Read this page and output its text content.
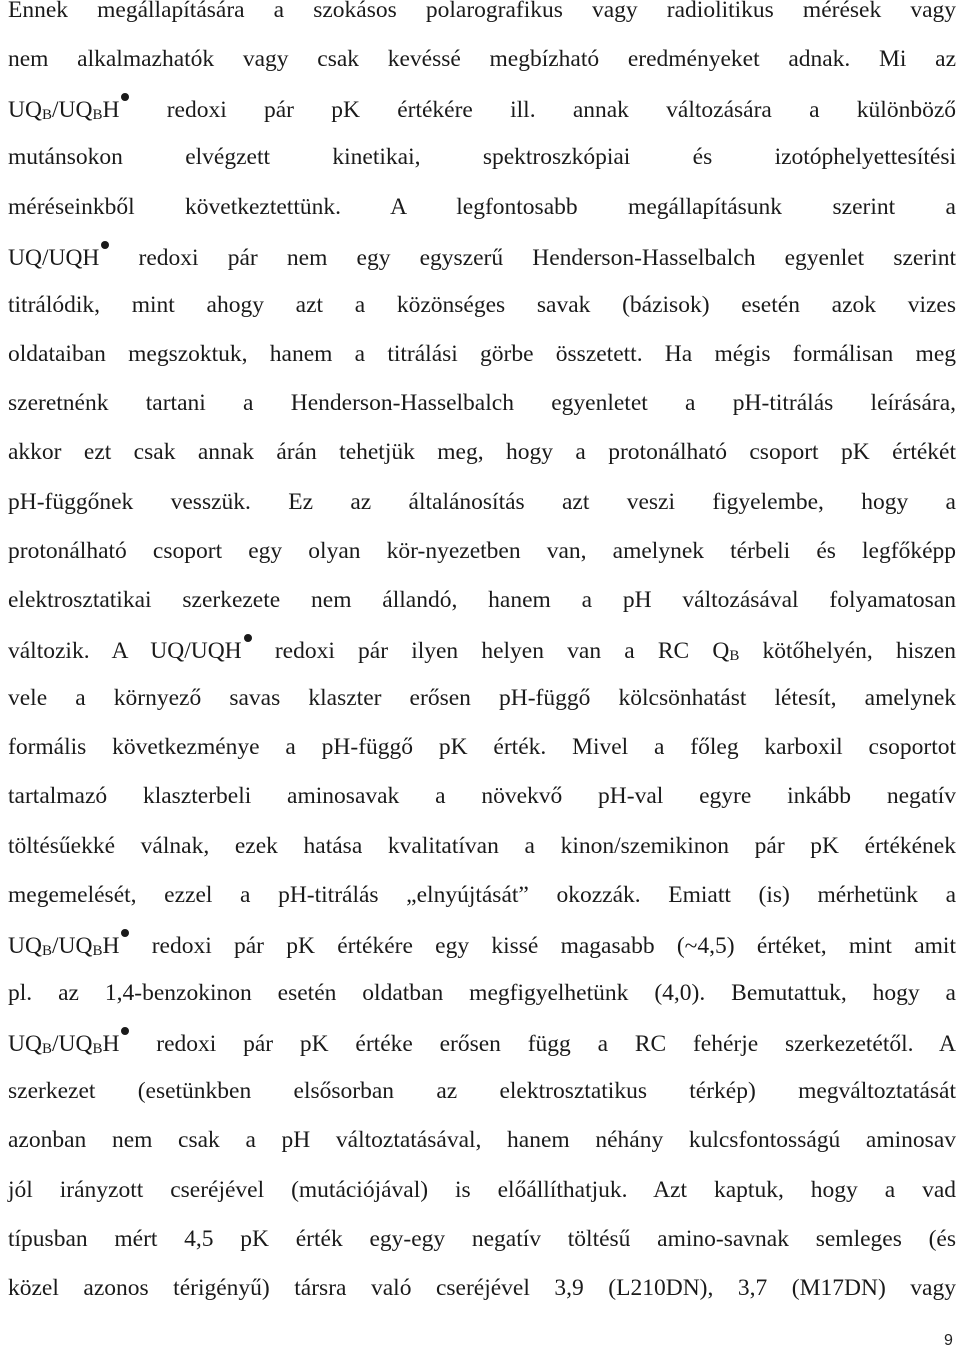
Ennek megállapítására a szokásos polarografikus vagy radiolitikus mérések vagy
nem alkalmazhatók vagy csak kevéssé megbízható eredményeket adnak. Mi az
$UQ_B/UQ_BH$ redoxi pár pK értékére ill. annak változására a különböző
mutánsokon elvégzett kinetikai, spektroszkópiai és izotóphelyettesítési
méréseinkből következtettünk. A legfontosabb megállapításunk szerint a
UQ/UQH redoxi pár nem egy egyszerű Henderson-Hasselbalch egyenlet szerint
titrálódik, mint ahogy azt a közönséges savak (bázisok) esetén azok vizes
oldataiban megszoktuk, hanem a titrálási görbe összetett. Ha mégis formálisan meg
szeretnénk tartani a Henderson-Hasselbalch egyenletet a pH-titrálás leírására,
akkor ezt csak annak árán tehetjük meg, hogy a protonálható csoport pK értékét
pH-függőnek vesszük. Ez az általánosítás azt veszi figyelembe, hogy a
protonálható csoport egy olyan kör-nyezetben van, amelynek térbeli és legfőképp
elektrosztatikai szerkezete nem állandó, hanem a pH változásával folyamatosan
változik. A UQ/UQH redoxi pár ilyen helyen van a RC $Q_B$ kötőhelyén, hiszen
vele a környező savas klaszter erősen pH-függő kölcsönhatást létesít, amelynek
formális következménye a pH-függő pK érték. Mivel a főleg karboxil csoportot
tartalmazó klaszterbeli aminosavak a növekvő pH-val egyre inkább negatív
töltésűekké válnak, ezek hatása kvalitatívan a kinon/szemikinon pár pK értékének
megemelését, ezzel a pH-titrálás „elnyújtását” okozzák. Emiatt (is) mérhetünk a
$UQ_B/UQ_BH$ redoxi pár pK értékére egy kissé magasabb (~4,5) értéket, mint amit
pl. az 1,4-benzokinon esetén oldatban megfigyelhetünk (4,0). Bemutattuk, hogy a
$UQ_B/UQ_BH$ redoxi pár pK értéke erősen függ a RC fehérje szerkezetétől. A
szerkezet (esetünkben elsősorban az elektrosztatikus térkép) megváltoztatását
azonban nem csak a pH változtatásával, hanem néhány kulcsfontosságú aminosav
jól irányzott cseréjével (mutációjával) is előállíthatjuk. Azt kaptuk, hogy a vad
típusban mért 4,5 pK érték egy-egy negatív töltésű amino-savnak semleges (és
közel azonos térigényű) társra való cseréjével 3,9 (L210DN), 3,7 (M17DN) vagy
9
